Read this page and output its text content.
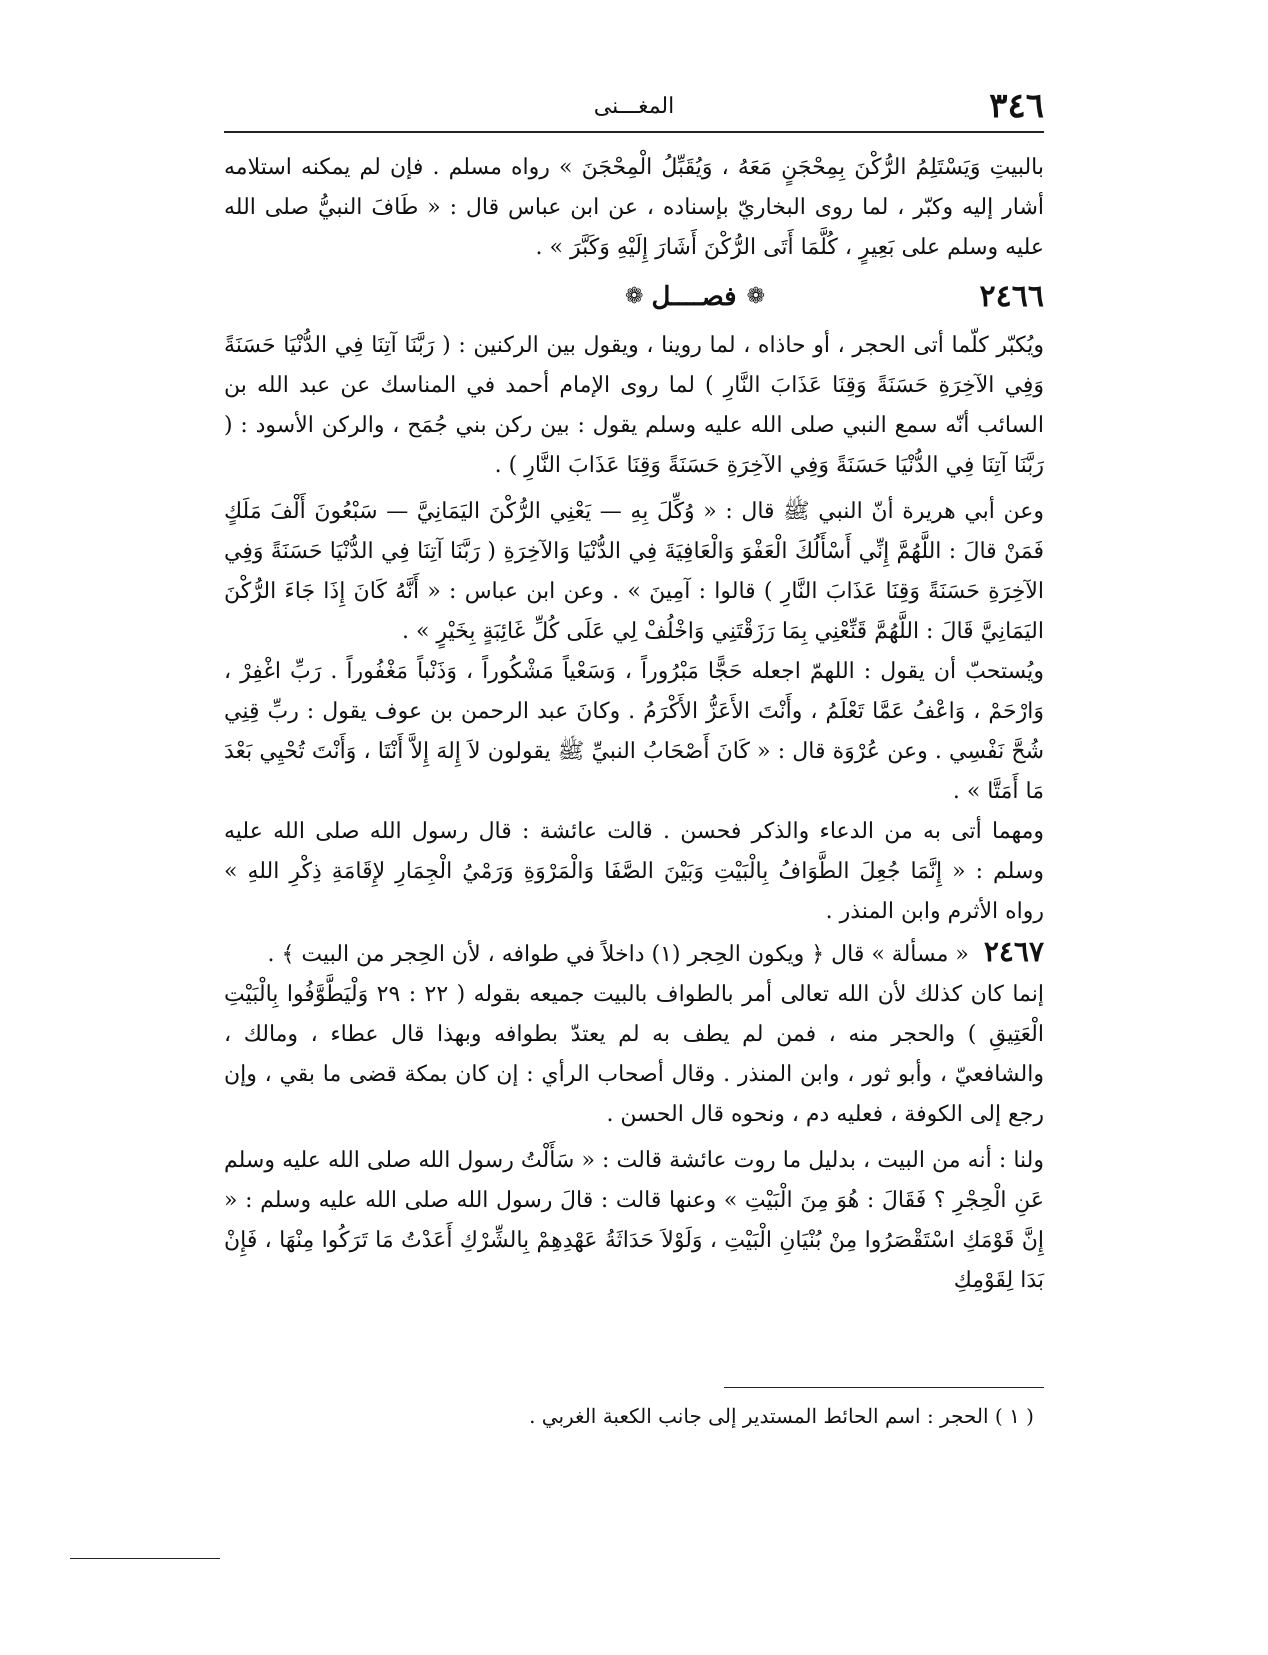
٣٤٦
المغـــنى

بالبيتِ وَيَسْتَلِمُ الرُّكْنَ بِمِحْجَنٍ مَعَهُ ، وَيُقَبِّلُ الْمِحْجَنَ » رواه مسلم . فإن لم يمكنه استلامه أشار إليه وكبّر ، لما روى البخاريّ بإسناده ، عن ابن عباس قال : « طَافَ النبيُّ صلى الله عليه وسلم على بَعِيرٍ ، كُلَّمَا أَتَى الرُّكْنَ أَشَارَ إِلَيْهِ وَكَبَّرَ » .

٢٤٦٦
❁
فصــــل
❁

ويُكبّر كلّما أتى الحجر ، أو حاذاه ، لما روينا ، ويقول بين الركنين : ( رَبَّنَا آتِنَا فِي الدُّنْيَا حَسَنَةً وَفِي الآخِرَةِ حَسَنَةً وَقِنَا عَذَابَ النَّارِ ) لما روى الإمام أحمد في المناسك عن عبد الله بن السائب أنّه سمع النبي صلى الله عليه وسلم يقول : بين ركن بني جُمَح ، والركن الأسود : ( رَبَّنَا آتِنَا فِي الدُّنْيَا حَسَنَةً وَفِي الآخِرَةِ حَسَنَةً وَقِنَا عَذَابَ النَّارِ ) .

وعن أبي هريرة أنّ النبي ﷺ قال : « وُكِّلَ بِهِ — يَعْنِي الرُّكْنَ اليَمَانِيَّ — سَبْعُونَ أَلْفَ مَلَكٍ فَمَنْ قالَ : اللَّهُمَّ إِنِّي أَسْأَلُكَ الْعَفْوَ وَالْعَافِيَةَ فِي الدُّنْيَا وَالآخِرَةِ ( رَبَّنَا آتِنَا فِي الدُّنْيَا حَسَنَةً وَفِي الآخِرَةِ حَسَنَةً وَقِنَا عَذَابَ النَّارِ ) قالوا : آمِينَ » . وعن ابن عباس : « أَنَّهُ كَانَ إِذَا جَاءَ الرُّكْنَ اليَمَانِيَّ قَالَ : اللَّهُمَّ قَنِّعْنِي بِمَا رَزَقْتَنِي وَاخْلُفْ لِي عَلَى كُلِّ غَائِبَةٍ بِخَيْرٍ » .

ويُستحبّ أن يقول : اللهمّ اجعله حَجًّا مَبْرُوراً ، وَسَعْياً مَشْكُوراً ، وَذَنْباً مَغْفُوراً . رَبِّ اغْفِرْ ، وَارْحَمْ ، وَاعْفُ عَمَّا تَعْلَمُ ، وأَنْتَ الأَعَزُّ الأَكْرَمُ . وكانَ عبد الرحمن بن عوف يقول : ربِّ قِنِي شُحَّ نَفْسِي . وعن عُرْوَة قال : « كَانَ أَصْحَابُ النبيِّ ﷺ يقولون لاَ إِلهَ إِلاَّ أَنْتَا ، وَأَنْتَ تُحْيِي بَعْدَ مَا أَمَتَّا » .

ومهما أتى به من الدعاء والذكر فحسن . قالت عائشة : قال رسول الله صلى الله عليه وسلم : « إِنَّمَا جُعِلَ الطَّوَافُ بِالْبَيْتِ وَبَيْنَ الصَّفَا وَالْمَرْوَةِ وَرَمْيُ الْجِمَارِ لإِقَامَةِ ذِكْرِ اللهِ » رواه الأثرم وابن المنذر .

٢٤٦٧ « مسألة » قال ﴿ ويكون الحِجر (١) داخلاً في طوافه ، لأن الحِجر من البيت ﴾ .

إنما كان كذلك لأن الله تعالى أمر بالطواف بالبيت جميعه بقوله ( ٢٢ : ٢٩ وَلْيَطَّوَّفُوا بِالْبَيْتِ الْعَتِيقِ ) والحجر منه ، فمن لم يطف به لم يعتدّ بطوافه وبهذا قال عطاء ، ومالك ، والشافعيّ ، وأبو ثور ، وابن المنذر . وقال أصحاب الرأي : إن كان بمكة قضى ما بقي ، وإن رجع إلى الكوفة ، فعليه دم ، ونحوه قال الحسن .

ولنا : أنه من البيت ، بدليل ما روت عائشة قالت : « سَأَلْتُ رسول الله صلى الله عليه وسلم عَنِ الْحِجْرِ ؟ فَقَالَ : هُوَ مِنَ الْبَيْتِ » وعنها قالت : قالَ رسول الله صلى الله عليه وسلم : « إِنَّ قَوْمَكِ اسْتَقْصَرُوا مِنْ بُنْيَانِ الْبَيْتِ ، وَلَوْلاَ حَدَاثَةُ عَهْدِهِمْ بِالشِّرْكِ أَعَدْتُ مَا تَرَكُوا مِنْهَا ، فَإِنْ بَدَا لِقَوْمِكِ

( ١ ) الحجر : اسم الحائط المستدير إلى جانب الكعبة الغربي .
